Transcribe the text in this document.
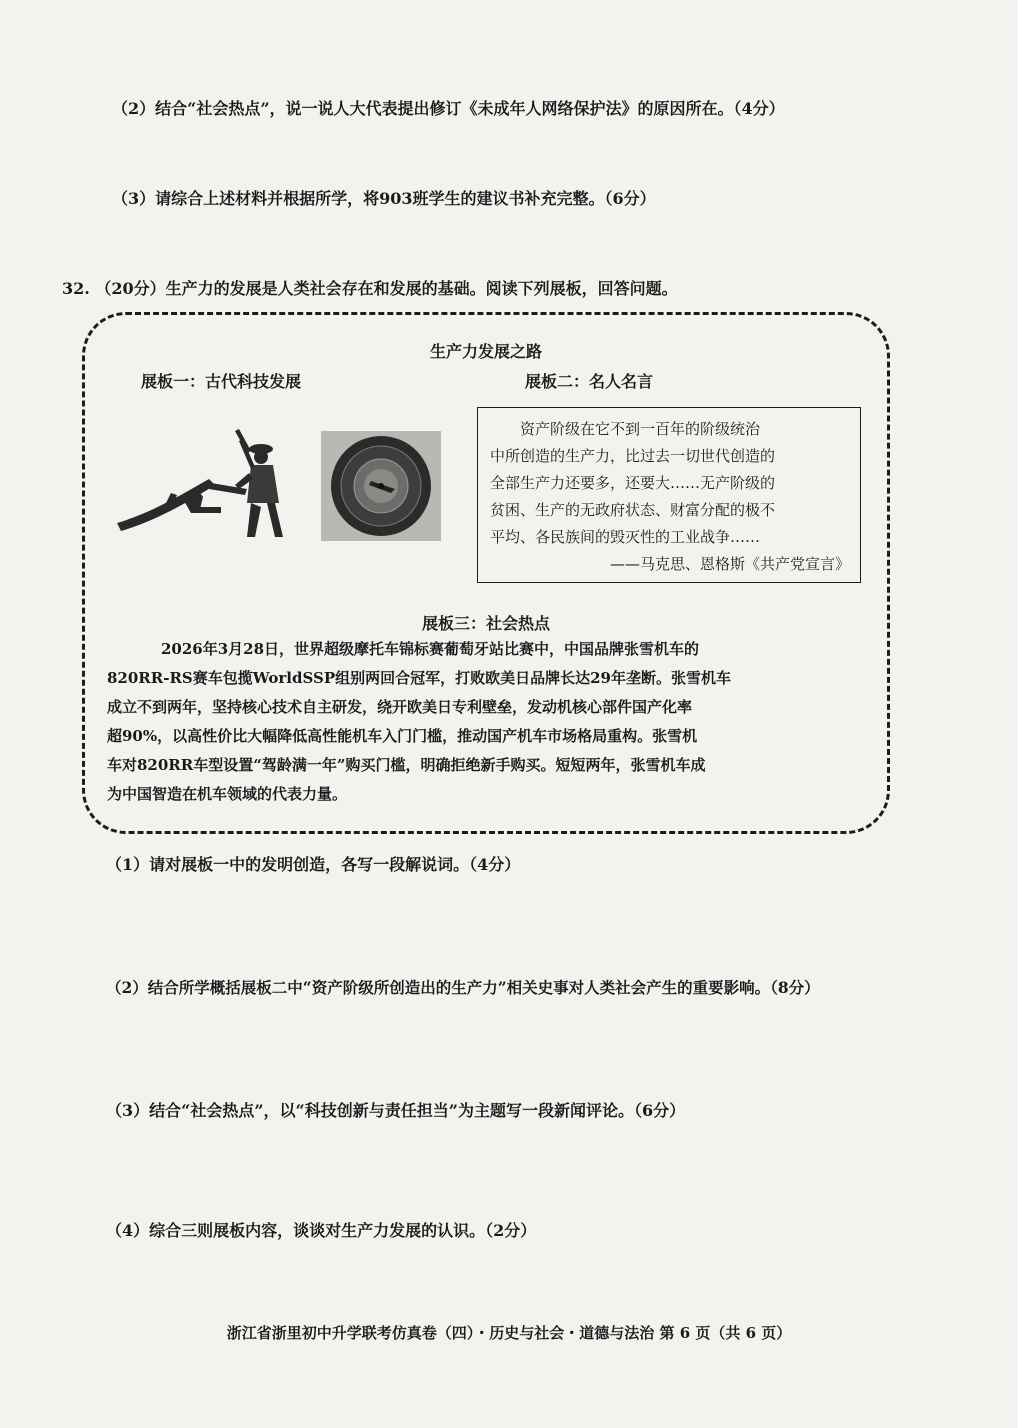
（2）结合“社会热点”，说一说人大代表提出修订《未成年人网络保护法》的原因所在。（4分）
（3）请综合上述材料并根据所学，将903班学生的建议书补充完整。（6分）
32. （20分）生产力的发展是人类社会存在和发展的基础。阅读下列展板，回答问题。
生产力发展之路
展板一：古代科技发展	展板二：名人名言
资产阶级在它不到一百年的阶级统治
中所创造的生产力，比过去一切世代创造的
全部生产力还要多，还要大……无产阶级的
贫困、生产的无政府状态、财富分配的极不
平均、各民族间的毁灭性的工业战争……
——马克思、恩格斯《共产党宣言》
展板三：社会热点
2026年3月28日，世界超级摩托车锦标赛葡萄牙站比赛中，中国品牌张雪机车的
820RR-RS赛车包揽WorldSSP组别两回合冠军，打败欧美日品牌长达29年垄断。张雪机车
成立不到两年，坚持核心技术自主研发，绕开欧美日专利壁垒，发动机核心部件国产化率
超90%，以高性价比大幅降低高性能机车入门门槛，推动国产机车市场格局重构。张雪机
车对820RR车型设置“驾龄满一年”购买门槛，明确拒绝新手购买。短短两年，张雪机车成
为中国智造在机车领域的代表力量。
（1）请对展板一中的发明创造，各写一段解说词。（4分）
（2）结合所学概括展板二中“资产阶级所创造出的生产力”相关史事对人类社会产生的重要影响。（8分）
（3）结合“社会热点”，以“科技创新与责任担当”为主题写一段新闻评论。（6分）
（4）综合三则展板内容，谈谈对生产力发展的认识。（2分）
浙江省浙里初中升学联考仿真卷（四）・历史与社会・道德与法治 第 6 页（共 6 页）
